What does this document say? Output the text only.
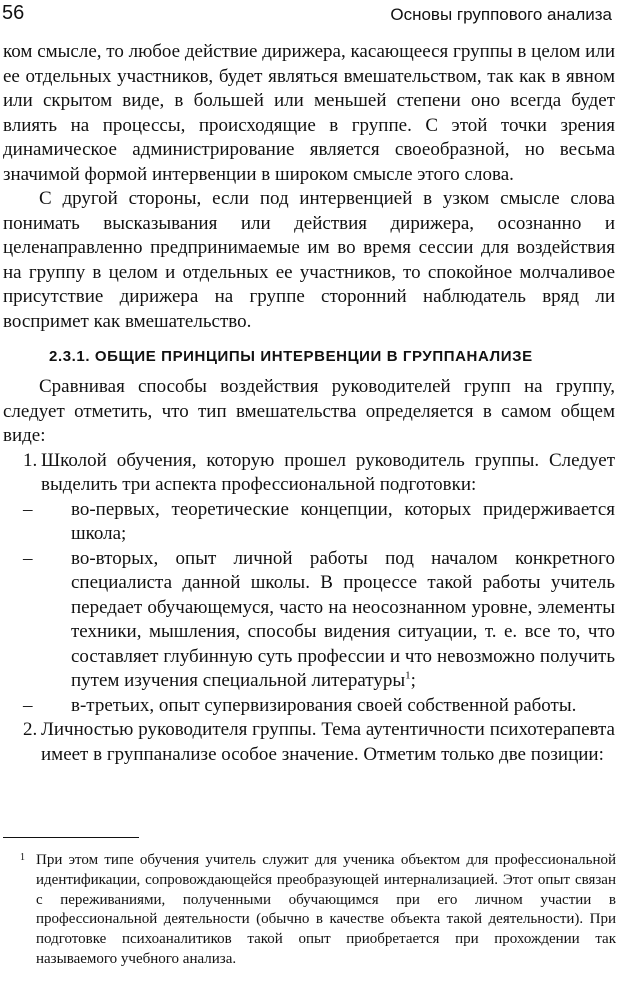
56	Основы группового анализа

ком смысле, то любое действие дирижера, касающееся группы в целом или ее отдельных участников, будет являться вмешательством, так как в явном или скрытом виде, в большей или меньшей степени оно всегда будет влиять на процессы, происходящие в группе. С этой точки зрения динамическое администрирование является своеобразной, но весьма значимой формой интервенции в широком смысле этого слова.

С другой стороны, если под интервенцией в узком смысле слова понимать высказывания или действия дирижера, осознанно и целенаправленно предпринимаемые им во время сессии для воздействия на группу в целом и отдельных ее участников, то спокойное молчаливое присутствие дирижера на группе сторонний наблюдатель вряд ли воспримет как вмешательство.

2.3.1. ОБЩИЕ ПРИНЦИПЫ ИНТЕРВЕНЦИИ В ГРУППАНАЛИЗЕ

Сравнивая способы воздействия руководителей групп на группу, следует отметить, что тип вмешательства определяется в самом общем виде:

1. Школой обучения, которую прошел руководитель группы. Следует выделить три аспекта профессиональной подготовки:

– во-первых, теоретические концепции, которых придерживается школа;

– во-вторых, опыт личной работы под началом конкретного специалиста данной школы. В процессе такой работы учитель передает обучающемуся, часто на неосознанном уровне, элементы техники, мышления, способы видения ситуации, т. е. все то, что составляет глубинную суть профессии и что невозможно получить путем изучения специальной литературы$^1$;

– в-третьих, опыт супервизирования своей собственной работы.

2. Личностью руководителя группы. Тема аутентичности психотерапевта имеет в группанализе особое значение. Отметим только две позиции:

1 При этом типе обучения учитель служит для ученика объектом для профессиональной идентификации, сопровождающейся преобразующей интернализацией. Этот опыт связан с переживаниями, полученными обучающимся при его личном участии в профессиональной деятельности (обычно в качестве объекта такой деятельности). При подготовке психоаналитиков такой опыт приобретается при прохождении так называемого учебного анализа.
